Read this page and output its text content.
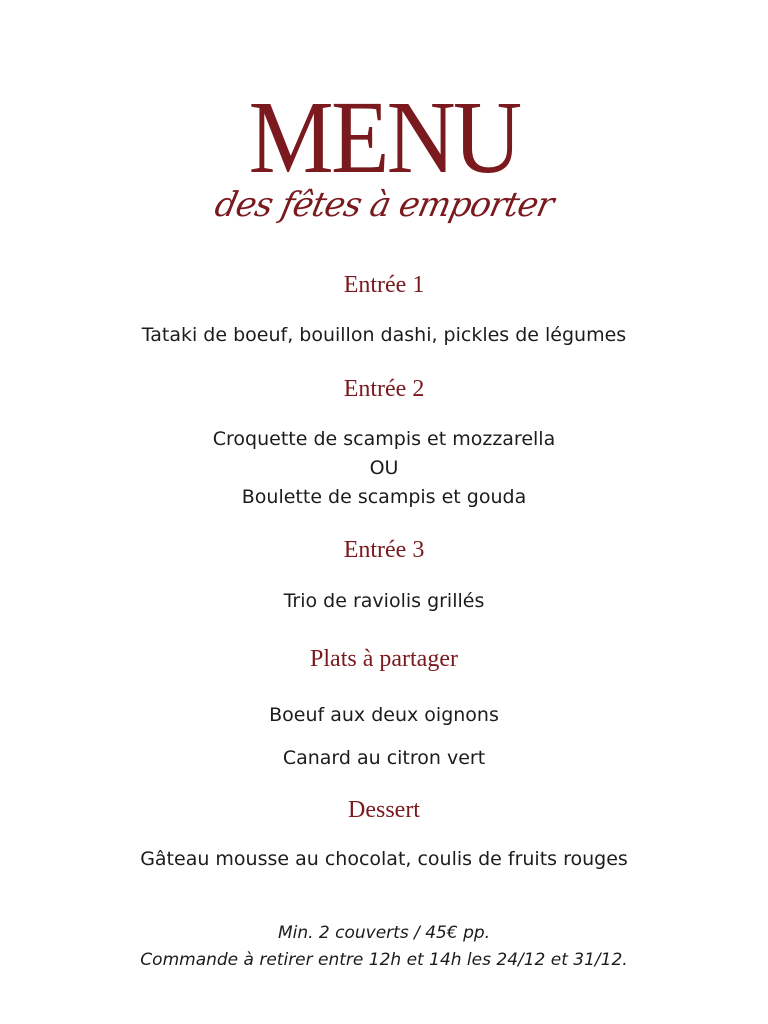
MENU
des fêtes à emporter
Entrée 1
Tataki de boeuf, bouillon dashi, pickles de légumes
Entrée 2
Croquette de scampis et mozzarella
OU
Boulette de scampis et gouda
Entrée 3
Trio de raviolis grillés
Plats à partager
Boeuf aux deux oignons
Canard au citron vert
Dessert
Gâteau mousse au chocolat, coulis de fruits rouges
Min. 2 couverts / 45€ pp.
Commande à retirer entre 12h et 14h les 24/12 et 31/12.
